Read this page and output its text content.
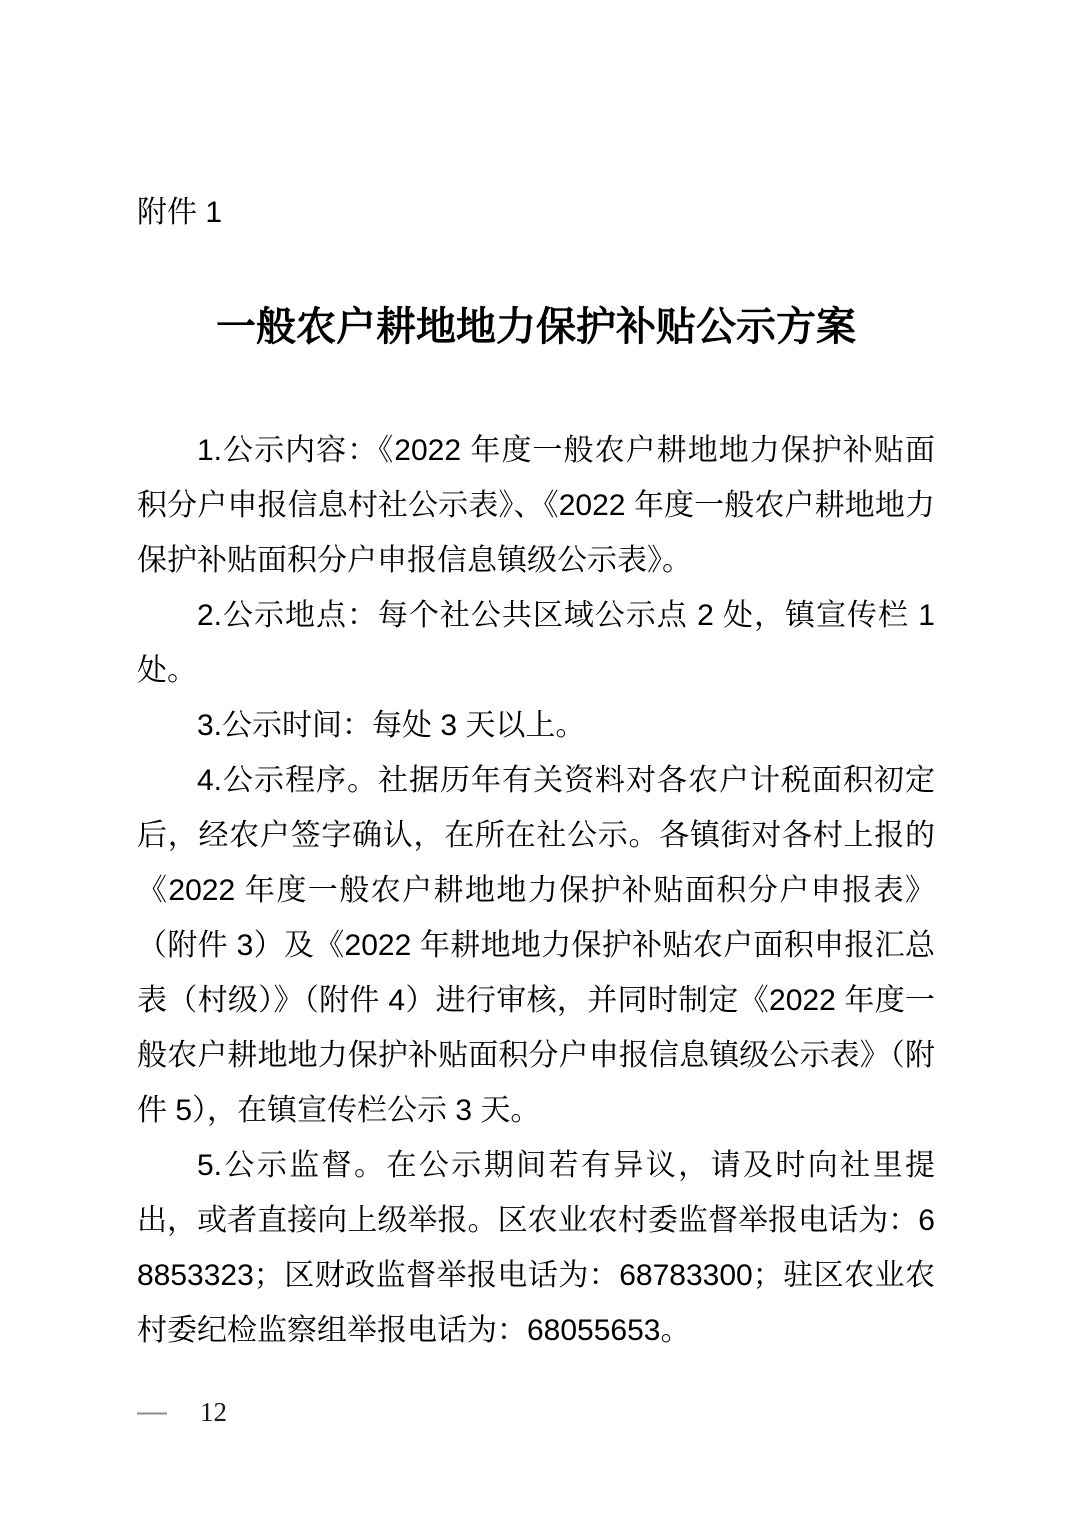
附件 1
一般农户耕地地力保护补贴公示方案

1.公示内容：《2022 年度一般农户耕地地力保护补贴面积分户申报信息村社公示表》、《2022 年度一般农户耕地地力保护补贴面积分户申报信息镇级公示表》。

2.公示地点：每个社公共区域公示点 2 处，镇宣传栏 1 处。

3.公示时间：每处 3 天以上。

4.公示程序。社据历年有关资料对各农户计税面积初定后，经农户签字确认，在所在社公示。各镇街对各村上报的《2022 年度一般农户耕地地力保护补贴面积分户申报表》（附件 3）及《2022 年耕地地力保护补贴农户面积申报汇总表（村级）》（附件 4）进行审核，并同时制定《2022 年度一般农户耕地地力保护补贴面积分户申报信息镇级公示表》（附件 5），在镇宣传栏公示 3 天。

5.公示监督。在公示期间若有异议，请及时向社里提出，或者直接向上级举报。区农业农村委监督举报电话为：68853323；区财政监督举报电话为：68783300；驻区农业农村委纪检监察组举报电话为：68055653。

— 12
